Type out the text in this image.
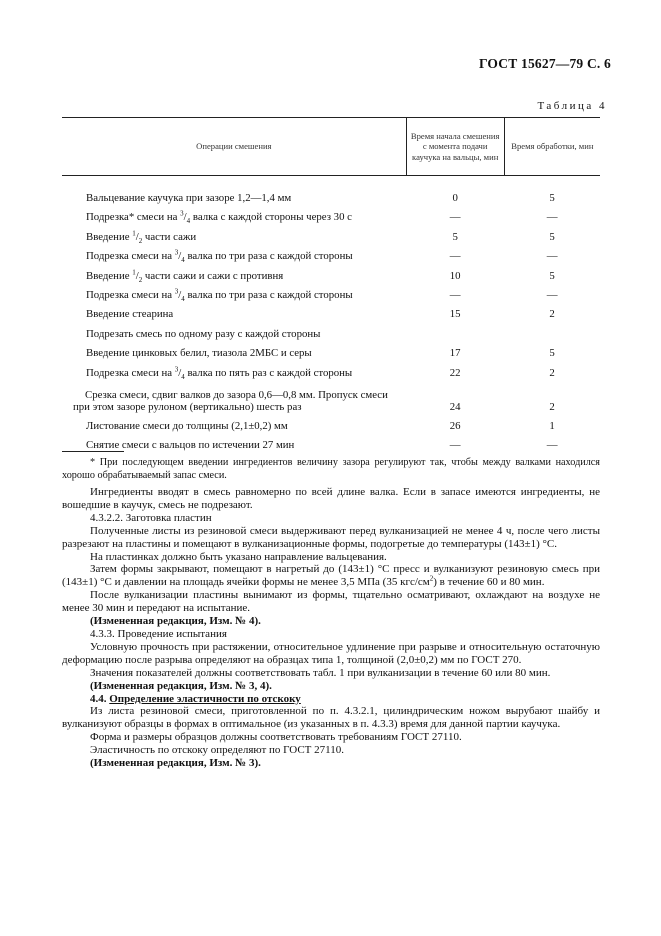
ГОСТ 15627—79 С. 6
Таблица 4
Операции смешения	Время начала смешения с момента подачи каучука на вальцы, мин	Время обработки, мин
Вальцевание каучука при зазоре 1,2—1,4 мм	0	5
Подрезка* смеси на $^3/_4$ валка с каждой стороны через 30 с	—	—
Введение $^1/_2$ части сажи	5	5
Подрезка смеси на $^3/_4$ валка по три раза с каждой стороны	—	—
Введение $^1/_2$ части сажи и сажи с противня	10	5
Подрезка смеси на $^3/_4$ валка по три раза с каждой стороны	—	—
Введение стеарина	15	2
Подрезать смесь по одному разу с каждой стороны		
Введение цинковых белил, тиазола 2МБС и серы	17	5
Подрезка смеси на $^3/_4$ валка по пять раз с каждой стороны	22	2
Срезка смеси, сдвиг валков до зазора 0,6—0,8 мм. Пропуск смеси при этом зазоре рулоном (вертикально) шесть раз	24	2
Листование смеси до толщины (2,1±0,2) мм	26	1
Снятие смеси с вальцов по истечении 27 мин	—	—
* При последующем введении ингредиентов величину зазора регулируют так, чтобы между валками находился хорошо обрабатываемый запас смеси.

Ингредиенты вводят в смесь равномерно по всей длине валка. Если в запасе имеются ингредиенты, не вошедшие в каучук, смесь не подрезают.

4.3.2.2. Заготовка пластин

Полученные листы из резиновой смеси выдерживают перед вулканизацией не менее 4 ч, после чего листы разрезают на пластины и помещают в вулканизационные формы, подогретые до температуры (143±1) °С.

На пластинках должно быть указано направление вальцевания.

Затем формы закрывают, помещают в нагретый до (143±1) °С пресс и вулканизуют резиновую смесь при (143±1) °С и давлении на площадь ячейки формы не менее 3,5 МПа (35 кгс/$см^2$) в течение 60 и 80 мин.

После вулканизации пластины вынимают из формы, тщательно осматривают, охлаждают на воздухе не менее 30 мин и передают на испытание.

(Измененная редакция, Изм. № 4).

4.3.3. Проведение испытания

Условную прочность при растяжении, относительное удлинение при разрыве и относительную остаточную деформацию после разрыва определяют на образцах типа 1, толщиной (2,0±0,2) мм по ГОСТ 270.

Значения показателей должны соответствовать табл. 1 при вулканизации в течение 60 или 80 мин.

(Измененная редакция, Изм. № 3, 4).

4.4. Определение эластичности по отскоку

Из листа резиновой смеси, приготовленной по п. 4.3.2.1, цилиндрическим ножом вырубают шайбу и вулканизуют образцы в формах в оптимальное (из указанных в п. 4.3.3) время для данной партии каучука.

Форма и размеры образцов должны соответствовать требованиям ГОСТ 27110.

Эластичность по отскоку определяют по ГОСТ 27110.

(Измененная редакция, Изм. № 3).
